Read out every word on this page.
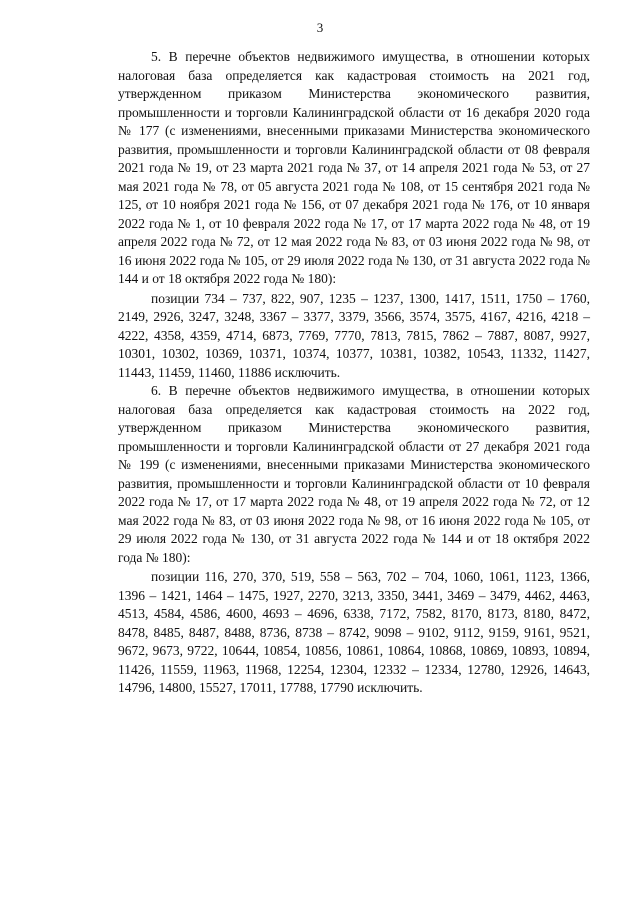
3

5. В перечне объектов недвижимого имущества, в отношении которых налоговая база определяется как кадастровая стоимость на 2021 год, утвержденном приказом Министерства экономического развития, промышленности и торговли Калининградской области от 16 декабря 2020 года № 177 (с изменениями, внесенными приказами Министерства экономического развития, промышленности и торговли Калининградской области от 08 февраля 2021 года № 19, от 23 марта 2021 года № 37, от 14 апреля 2021 года № 53, от 27 мая 2021 года № 78, от 05 августа 2021 года № 108, от 15 сентября 2021 года № 125, от 10 ноября 2021 года № 156, от 07 декабря 2021 года № 176, от 10 января 2022 года № 1, от 10 февраля 2022 года № 17, от 17 марта 2022 года № 48, от 19 апреля 2022 года № 72, от 12 мая 2022 года № 83, от 03 июня 2022 года № 98, от 16 июня 2022 года № 105, от 29 июля 2022 года № 130, от 31 августа 2022 года № 144 и от 18 октября 2022 года № 180):

позиции 734 – 737, 822, 907, 1235 – 1237, 1300, 1417, 1511, 1750 – 1760, 2149, 2926, 3247, 3248, 3367 – 3377, 3379, 3566, 3574, 3575, 4167, 4216, 4218 – 4222, 4358, 4359, 4714, 6873, 7769, 7770, 7813, 7815, 7862 – 7887, 8087, 9927, 10301, 10302, 10369, 10371, 10374, 10377, 10381, 10382, 10543, 11332, 11427, 11443, 11459, 11460, 11886 исключить.

6. В перечне объектов недвижимого имущества, в отношении которых налоговая база определяется как кадастровая стоимость на 2022 год, утвержденном приказом Министерства экономического развития, промышленности и торговли Калининградской области от 27 декабря 2021 года № 199 (с изменениями, внесенными приказами Министерства экономического развития, промышленности и торговли Калининградской области от 10 февраля 2022 года № 17, от 17 марта 2022 года № 48, от 19 апреля 2022 года № 72, от 12 мая 2022 года № 83, от 03 июня 2022 года № 98, от 16 июня 2022 года № 105, от 29 июля 2022 года № 130, от 31 августа 2022 года № 144 и от 18 октября 2022 года № 180):

позиции 116, 270, 370, 519, 558 – 563, 702 – 704, 1060, 1061, 1123, 1366, 1396 – 1421, 1464 – 1475, 1927, 2270, 3213, 3350, 3441, 3469 – 3479, 4462, 4463, 4513, 4584, 4586, 4600, 4693 – 4696, 6338, 7172, 7582, 8170, 8173, 8180, 8472, 8478, 8485, 8487, 8488, 8736, 8738 – 8742, 9098 – 9102, 9112, 9159, 9161, 9521, 9672, 9673, 9722, 10644, 10854, 10856, 10861, 10864, 10868, 10869, 10893, 10894, 11426, 11559, 11963, 11968, 12254, 12304, 12332 – 12334, 12780, 12926, 14643, 14796, 14800, 15527, 17011, 17788, 17790 исключить.
